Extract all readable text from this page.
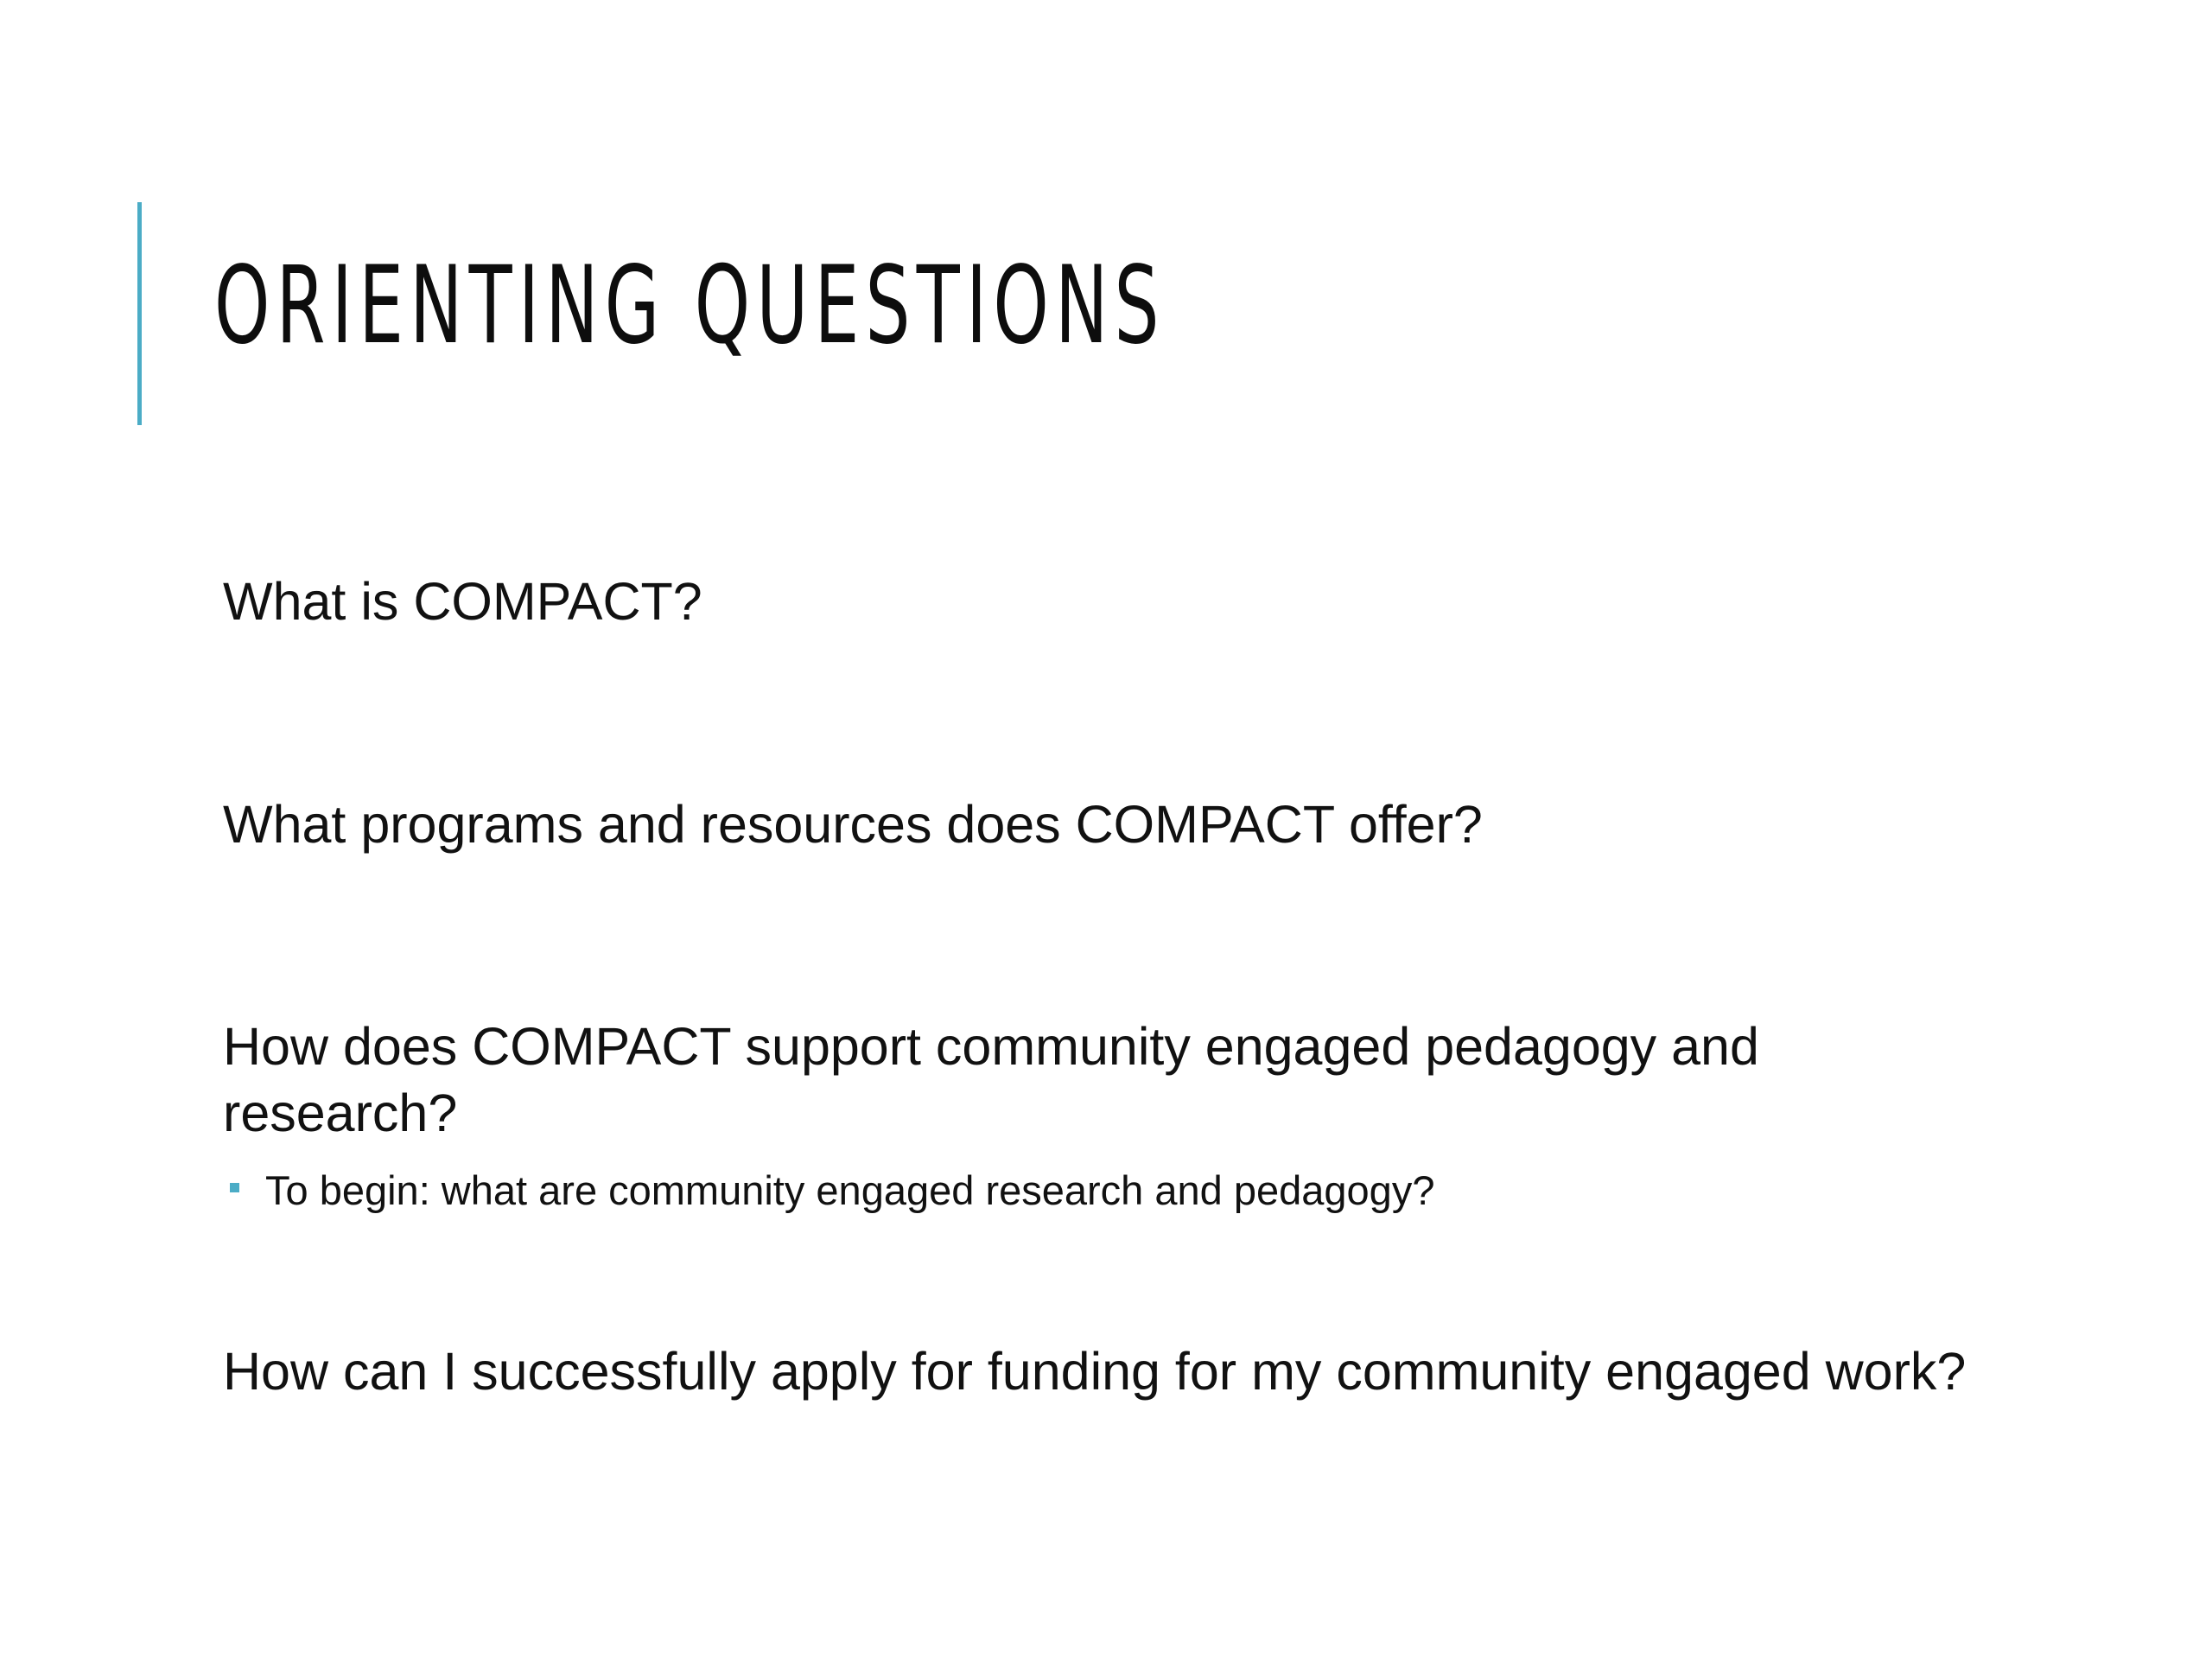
ORIENTING QUESTIONS

What is COMPACT?

What programs and resources does COMPACT offer?

How does COMPACT support community engaged pedagogy and research?

To begin: what are community engaged research and pedagogy?

How can I successfully apply for funding for my community engaged work?
